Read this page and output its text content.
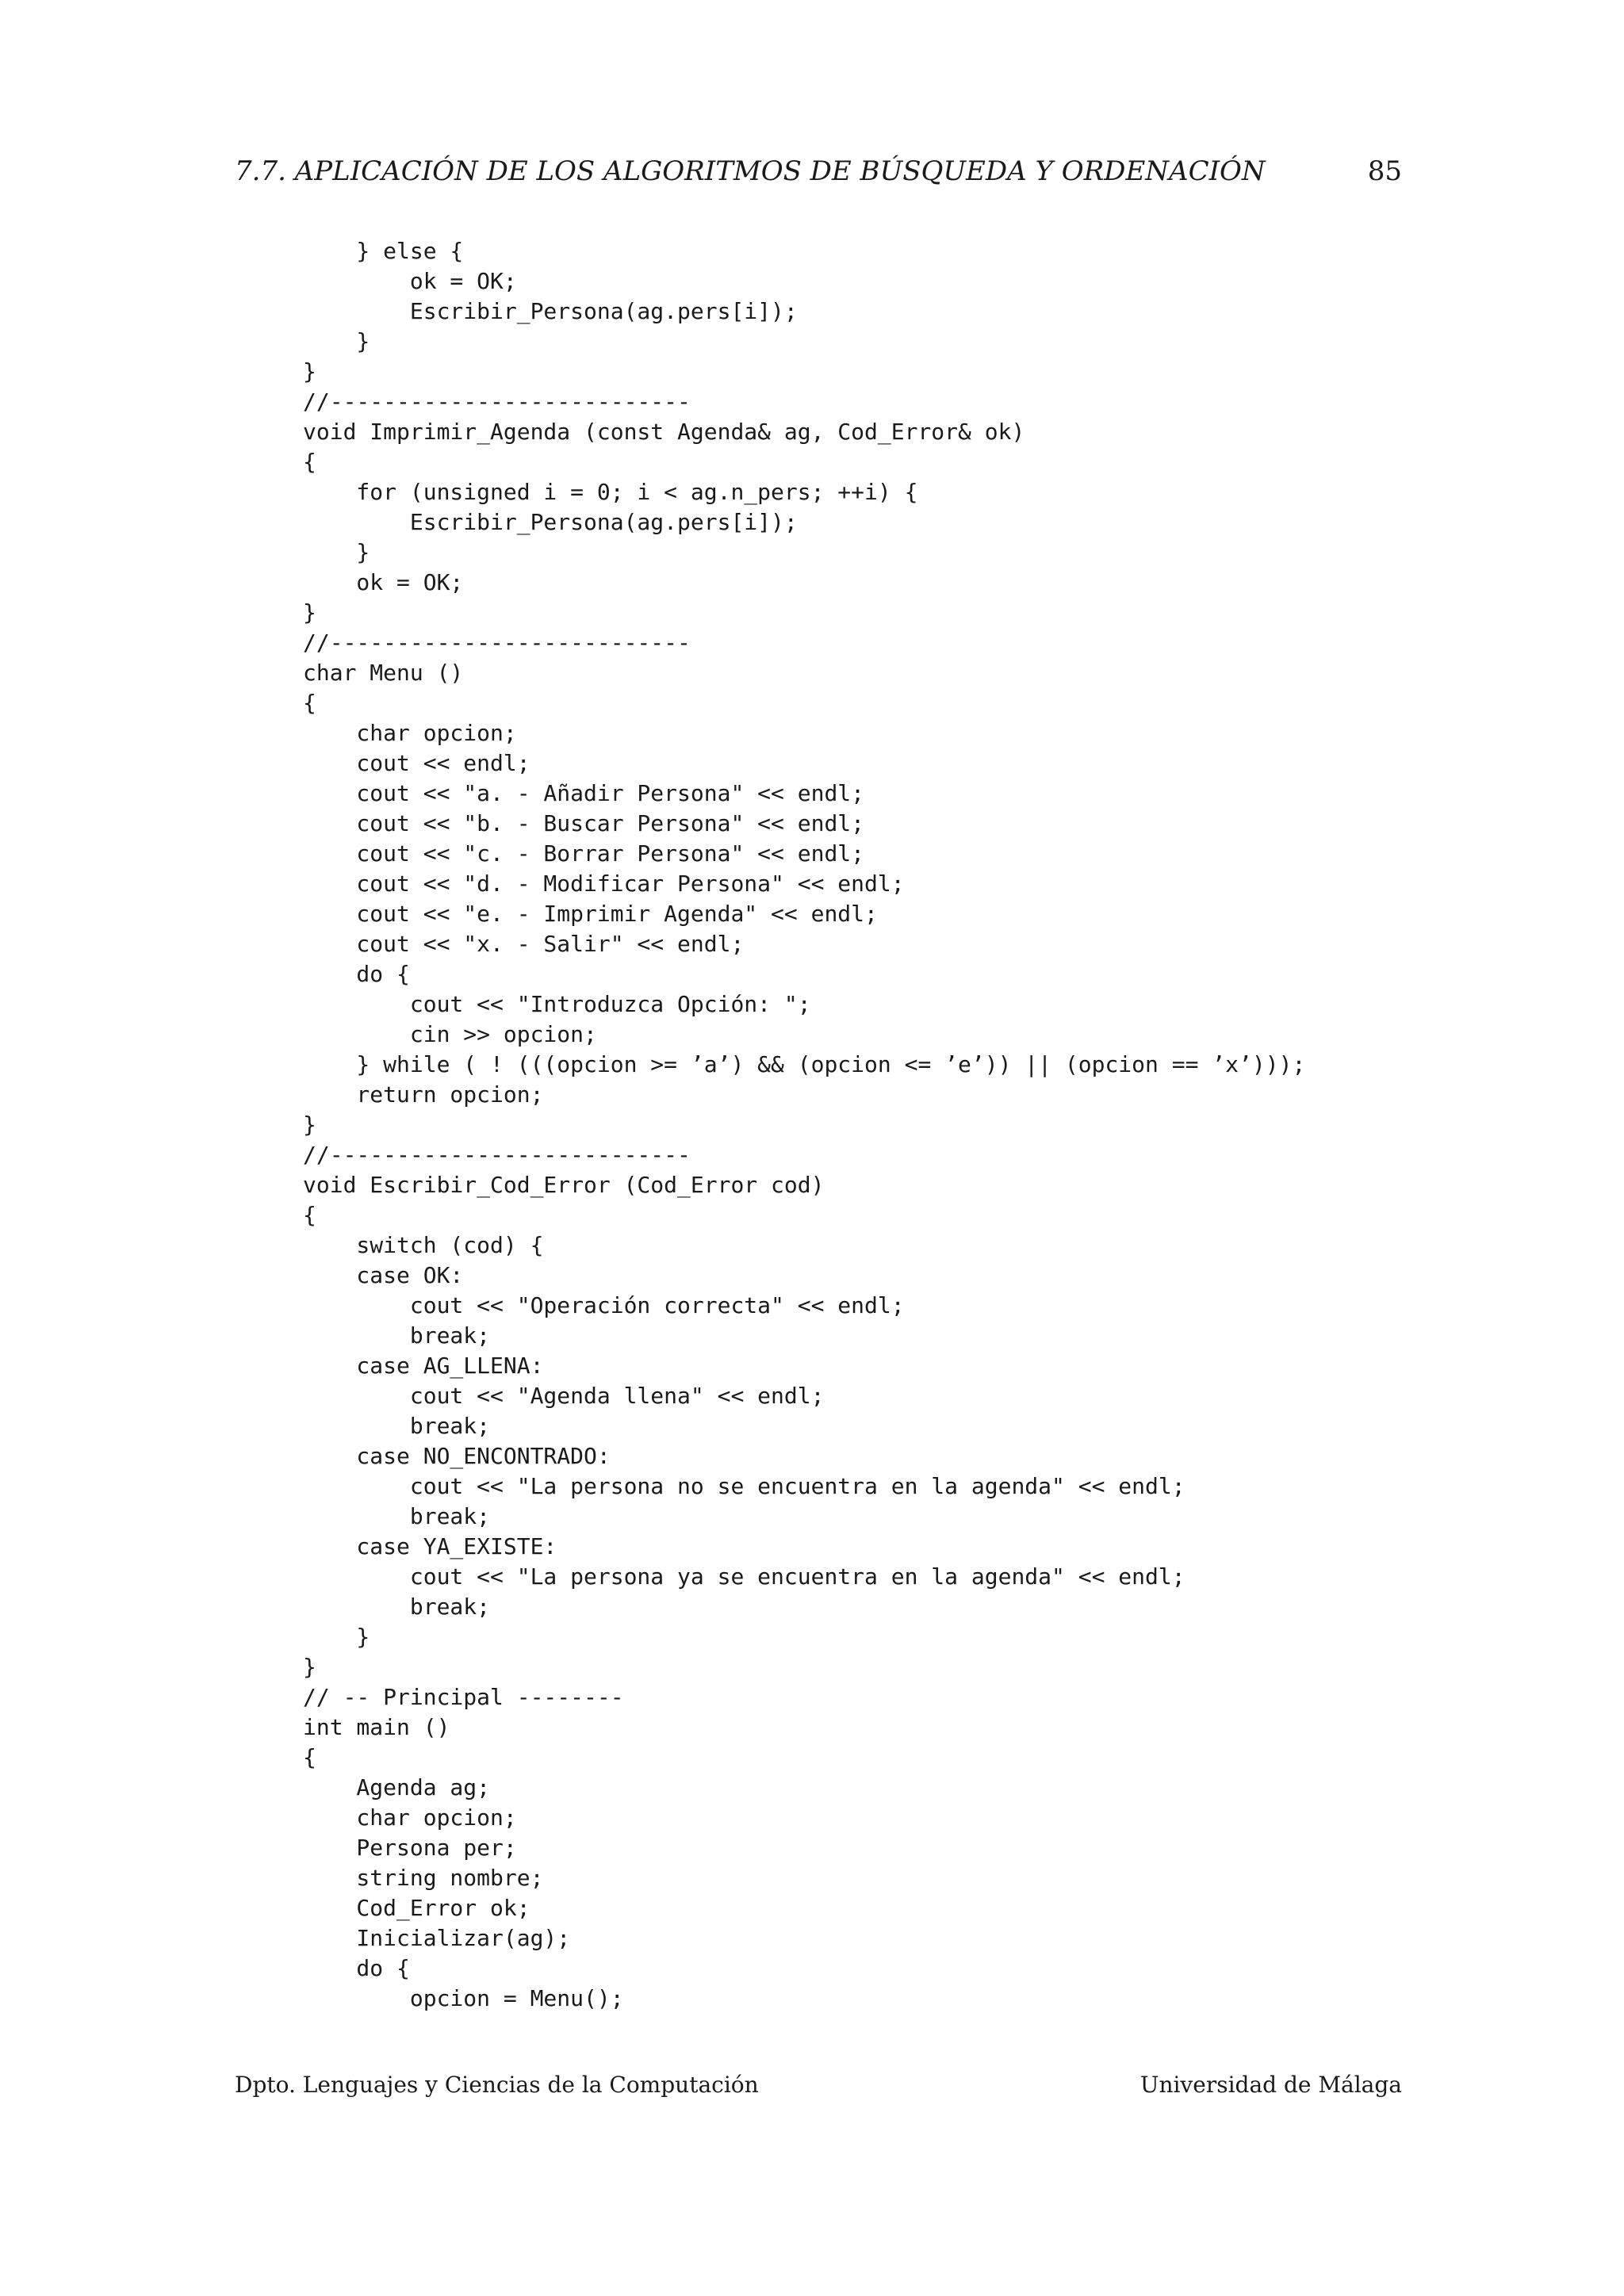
7.7. APLICACIÓN DE LOS ALGORITMOS DE BÚSQUEDA Y ORDENACIÓN	85
} else {
ok = OK;
Escribir_Persona(ag.pers[i]);
}
}
//---------------------------
void Imprimir_Agenda (const Agenda& ag, Cod_Error& ok)
{
for (unsigned i = 0; i < ag.n_pers; ++i) {
Escribir_Persona(ag.pers[i]);
}
ok = OK;
}
//---------------------------
char Menu ()
{
char opcion;
cout << endl;
cout << "a. - Añadir Persona" << endl;
cout << "b. - Buscar Persona" << endl;
cout << "c. - Borrar Persona" << endl;
cout << "d. - Modificar Persona" << endl;
cout << "e. - Imprimir Agenda" << endl;
cout << "x. - Salir" << endl;
do {
cout << "Introduzca Opción: ";
cin >> opcion;
} while ( ! (((opcion >= ’a’) && (opcion <= ’e’)) || (opcion == ’x’)));
return opcion;
}
//---------------------------
void Escribir_Cod_Error (Cod_Error cod)
{
switch (cod) {
case OK:
cout << "Operación correcta" << endl;
break;
case AG_LLENA:
cout << "Agenda llena" << endl;
break;
case NO_ENCONTRADO:
cout << "La persona no se encuentra en la agenda" << endl;
break;
case YA_EXISTE:
cout << "La persona ya se encuentra en la agenda" << endl;
break;
}
}
// -- Principal --------
int main ()
{
Agenda ag;
char opcion;
Persona per;
string nombre;
Cod_Error ok;
Inicializar(ag);
do {
opcion = Menu();
Dpto. Lenguajes y Ciencias de la Computación	Universidad de Málaga
